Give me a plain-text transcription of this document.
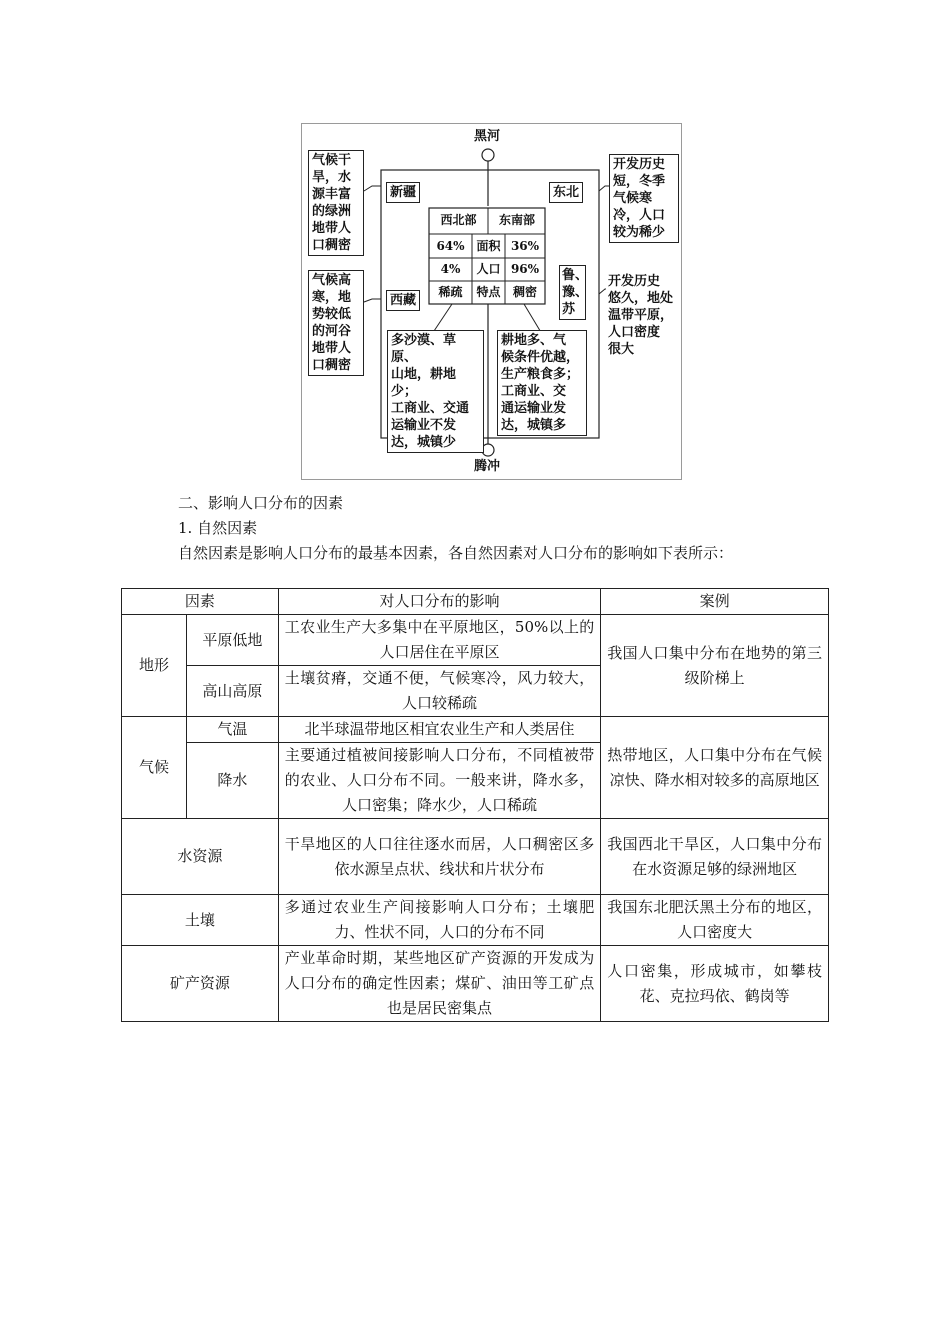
黑河
腾冲
新疆
西藏
东北
鲁、
豫、
苏
气候干
旱，水
源丰富
的绿洲
地带人
口稠密
气候高
寒，地
势较低
的河谷
地带人
口稠密
开发历史
短，冬季
气候寒
冷，人口
较为稀少
开发历史
悠久，地处
温带平原，
人口密度
很大
西北部	东南部
64% 面积 36%
4%	人口 96%
稀疏	特点	稠密
多沙漠、草原、
山地，耕地少；
工商业、交通
运输业不发
达，城镇少
耕地多、气
候条件优越，
生产粮食多；
工商业、交
通运输业发
达，城镇多
二、影响人口分布的因素
1. 自然因素
自然因素是影响人口分布的最基本因素，各自然因素对人口分布的影响如下表所示：
因素		对人口分布的影响	案例
地形	平原低地	工农业生产大多集中在平原地区，50%以上的人口居住在平原区	我国人口集中分布在地势的第三级阶梯上
	高山高原	土壤贫瘠，交通不便，气候寒冷，风力较大，人口较稀疏	
气候	气温	北半球温带地区相宜农业生产和人类居住	热带地区，人口集中分布在气候凉快、降水相对较多的高原地区
	降水	主要通过植被间接影响人口分布，不同植被带的农业、人口分布不同。一般来讲，降水多，人口密集；降水少，人口稀疏	
水资源		干旱地区的人口往往逐水而居，人口稠密区多依水源呈点状、线状和片状分布	我国西北干旱区，人口集中分布在水资源足够的绿洲地区
土壤		多通过农业生产间接影响人口分布；土壤肥力、性状不同，人口的分布不同	我国东北肥沃黑土分布的地区，人口密度大
矿产资源		产业革命时期，某些地区矿产资源的开发成为人口分布的确定性因素；煤矿、油田等工矿点也是居民密集点	人口密集，形成城市，如攀枝花、克拉玛依、鹤岗等
